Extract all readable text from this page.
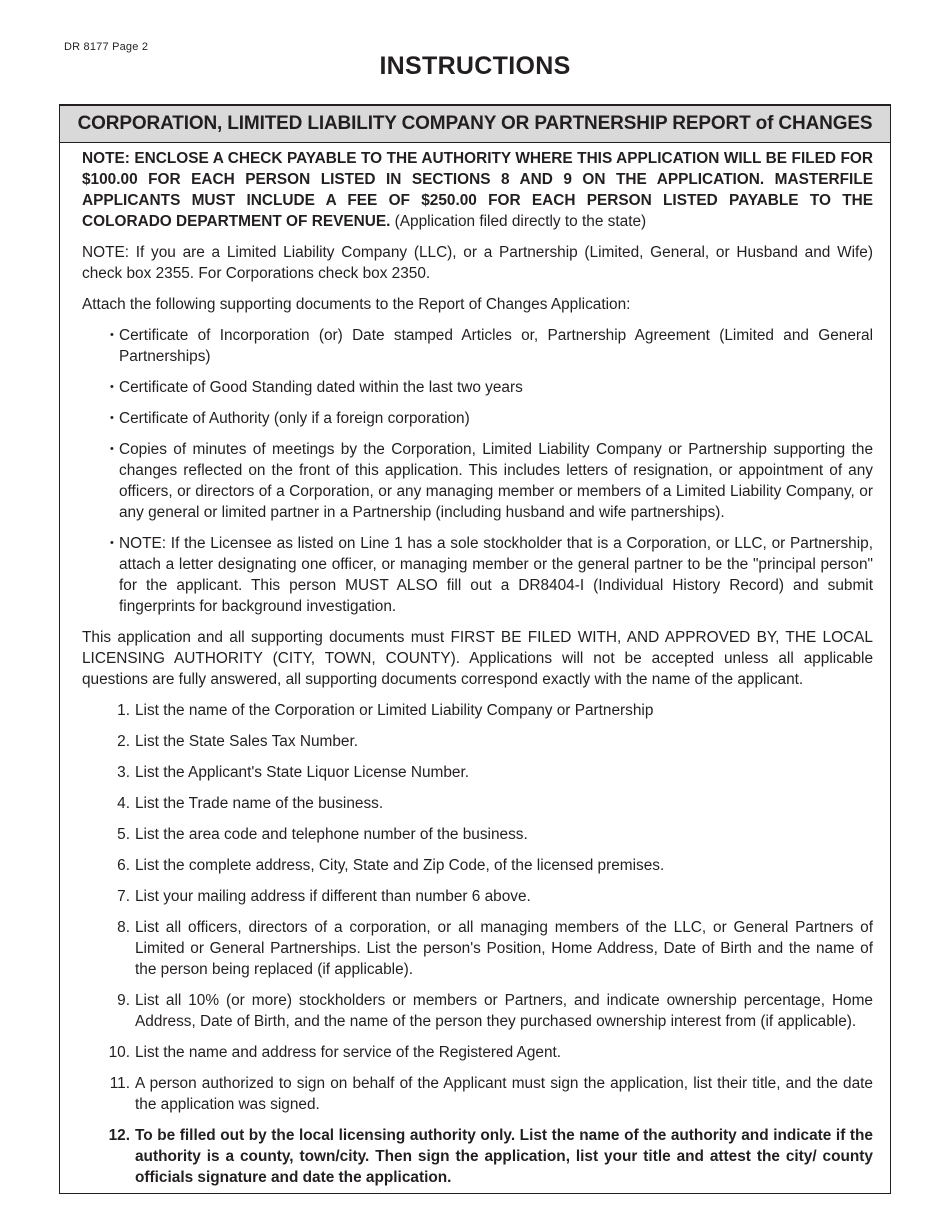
DR 8177 Page 2
INSTRUCTIONS
CORPORATION, LIMITED LIABILITY COMPANY OR PARTNERSHIP REPORT of CHANGES

NOTE: ENCLOSE A CHECK PAYABLE TO THE AUTHORITY WHERE THIS APPLICATION WILL BE FILED FOR $100.00 FOR EACH PERSON LISTED IN SECTIONS 8 AND 9 ON THE APPLICATION. MASTERFILE APPLICANTS MUST INCLUDE A FEE OF $250.00 FOR EACH PERSON LISTED PAYABLE TO THE COLORADO DEPARTMENT OF REVENUE. (Application filed directly to the state)

NOTE: If you are a Limited Liability Company (LLC), or a Partnership (Limited, General, or Husband and Wife) check box 2355. For Corporations check box 2350.

Attach the following supporting documents to the Report of Changes Application:

• Certificate of Incorporation (or) Date stamped Articles or, Partnership Agreement (Limited and General Partnerships)
• Certificate of Good Standing dated within the last two years
• Certificate of Authority (only if a foreign corporation)
• Copies of minutes of meetings by the Corporation, Limited Liability Company or Partnership supporting the changes reflected on the front of this application. This includes letters of resignation, or appointment of any officers, or directors of a Corporation, or any managing member or members of a Limited Liability Company, or any general or limited partner in a Partnership (including husband and wife partnerships).
• NOTE: If the Licensee as listed on Line 1 has a sole stockholder that is a Corporation, or LLC, or Partnership, attach a letter designating one officer, or managing member or the general partner to be the "principal person" for the applicant. This person MUST ALSO fill out a DR8404-I (Individual History Record) and submit fingerprints for background investigation.

This application and all supporting documents must FIRST BE FILED WITH, AND APPROVED BY, THE LOCAL LICENSING AUTHORITY (CITY, TOWN, COUNTY). Applications will not be accepted unless all applicable questions are fully answered, all supporting documents correspond exactly with the name of the applicant.

1. List the name of the Corporation or Limited Liability Company or Partnership
2. List the State Sales Tax Number.
3. List the Applicant's State Liquor License Number.
4. List the Trade name of the business.
5. List the area code and telephone number of the business.
6. List the complete address, City, State and Zip Code, of the licensed premises.
7. List your mailing address if different than number 6 above.
8. List all officers, directors of a corporation, or all managing members of the LLC, or General Partners of Limited or General Partnerships. List the person's Position, Home Address, Date of Birth and the name of the person being replaced (if applicable).
9. List all 10% (or more) stockholders or members or Partners, and indicate ownership percentage, Home Address, Date of Birth, and the name of the person they purchased ownership interest from (if applicable).
10. List the name and address for service of the Registered Agent.
11. A person authorized to sign on behalf of the Applicant must sign the application, list their title, and the date the application was signed.
12. To be filled out by the local licensing authority only. List the name of the authority and indicate if the authority is a county, town/city. Then sign the application, list your title and attest the city/ county officials signature and date the application.
